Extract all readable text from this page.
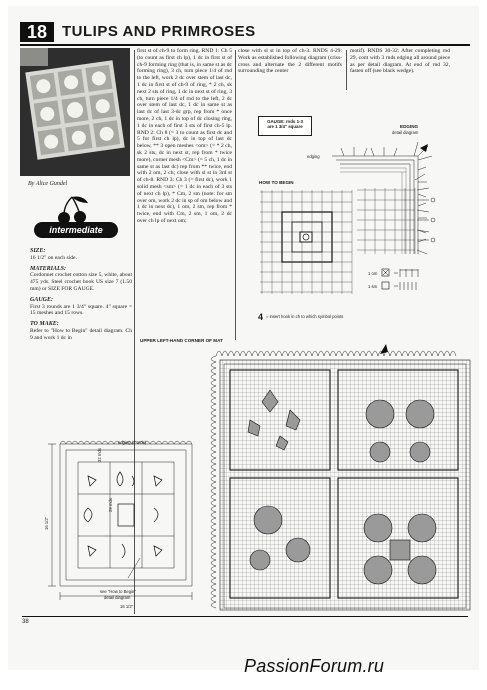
18 TULIPS AND PRIMROSES
By Alice Gundel
intermediate
SIZE:
16 1/2" on each side.
MATERIALS:
Cordonnet crochet cotton size 5, white, about 475 yds. Steel crochet hook US size 7 (1.50 mm) or SIZE FOR GAUGE.
GAUGE:
First 3 rounds are 1 3/4" square. 4" square = 15 meshes and 15 rows.
TO MAKE:
Refer to "How to Begin" detail diagram. Ch 9 and work 1 dc in
first st of ch-9 to form ring. RND 1: Ch 5 (to count as first ch lp), 1 dc in first st of ch-9 forming ring (that is, in same st as dc forming ring), 3 ch, turn piece 1/4 of rnd to the left, work 2 dc over stem of last dc, 1 dc in first st of ch-9 of ring, * 2 ch, sk next 2 sts of ring, 1 dc in next st of ring, 3 ch, turn piece 1/4 of rnd to the left, 2 dc over stem of last dc, 1 dc in same st as last dc of last 3-dc grp, rep from * once more, 2 ch, 1 dc in top of dc closing ring, 1 dc in each of first 3 sts of first ch-5 lp. RND 2: Ch 8 (= 3 to count as first dc and 5 for first ch lp), dc in top of last dc below, ** 3 open meshes <om> (= * 2 ch, sk 2 sts, dc in next st, rep from * twice more), corner mesh <Cm> (= 5 ch, 1 dc in same st as last dc) rep from ** twice, end with 2 om, 2 ch; close with sl st in 3rd st of ch-8. RND 3: Ch 3 (= first dc), work 1 solid mesh <sm> (= 1 dc in each of 3 sts of next ch lp), * Cm, 2 sm (note: for sm over om, work 2 dc in sp of om below and 1 dc in next dc), 1 om, 2 sm, rep from * twice, end with Cm, 2 sm, 1 om, 2 dc over ch lp of next om;
close with sl st in top of ch-3. RNDS 4-29: Work as established following diagram (criss-cross and alternate the 2 different motifs surrounding the center
motif). RNDS 30-32: After completing rnd 29, cont with 3 rnds edging all around piece as per detail diagram. At end of rnd 32, fasten off (see black wedge).
GAUGE: rnds 1-3
are 1 3/4" square	EDGING
detail diagram
edging
HOW TO BEGIN
1 om
1 sm
4 = insert hook in ch to which symbol points
UPPER LEFT-HAND CORNER OF MAT
edging (3 rnds)
32 rnds
29 rnds
16 1/2"
see "How to Begin"
detail diagram
16 1/2"
38
PassionForum.ru
